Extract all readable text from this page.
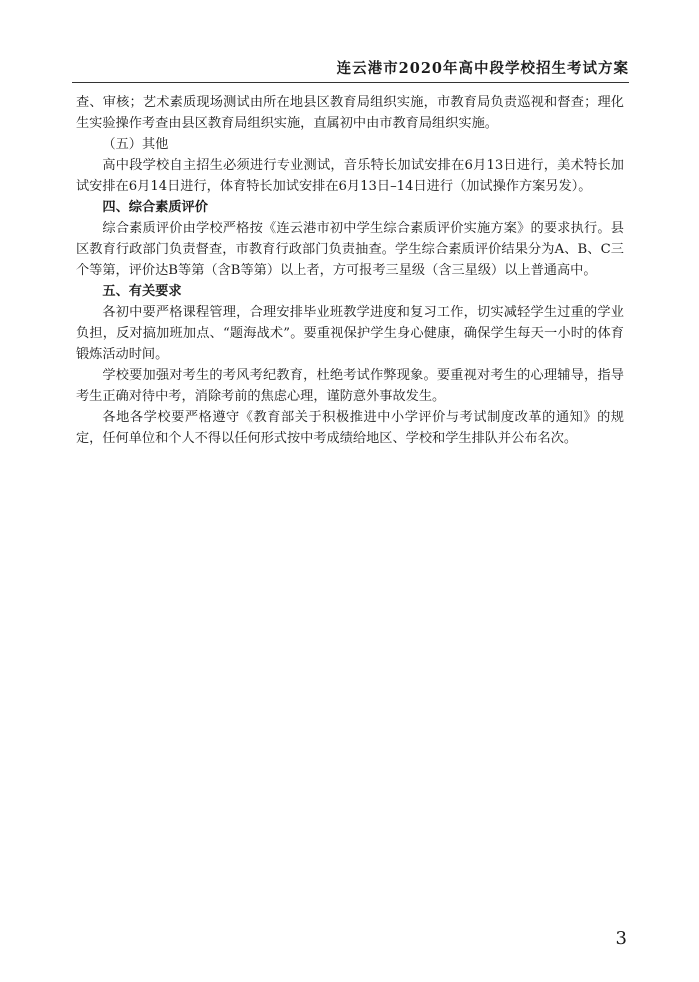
连云港市2020年高中段学校招生考试方案

查、审核；艺术素质现场测试由所在地县区教育局组织实施，市教育局负责巡视和督查；理化生实验操作考查由县区教育局组织实施，直属初中由市教育局组织实施。

（五）其他

高中段学校自主招生必须进行专业测试，音乐特长加试安排在6月13日进行，美术特长加试安排在6月14日进行，体育特长加试安排在6月13日–14日进行（加试操作方案另发）。

四、综合素质评价

综合素质评价由学校严格按《连云港市初中学生综合素质评价实施方案》的要求执行。县区教育行政部门负责督查，市教育行政部门负责抽查。学生综合素质评价结果分为A、B、C三个等第，评价达B等第（含B等第）以上者，方可报考三星级（含三星级）以上普通高中。

五、有关要求

各初中要严格课程管理，合理安排毕业班教学进度和复习工作，切实减轻学生过重的学业负担，反对搞加班加点、“题海战术”。要重视保护学生身心健康，确保学生每天一小时的体育锻炼活动时间。

学校要加强对考生的考风考纪教育，杜绝考试作弊现象。要重视对考生的心理辅导，指导考生正确对待中考，消除考前的焦虑心理，谨防意外事故发生。

各地各学校要严格遵守《教育部关于积极推进中小学评价与考试制度改革的通知》的规定，任何单位和个人不得以任何形式按中考成绩给地区、学校和学生排队并公布名次。

3
